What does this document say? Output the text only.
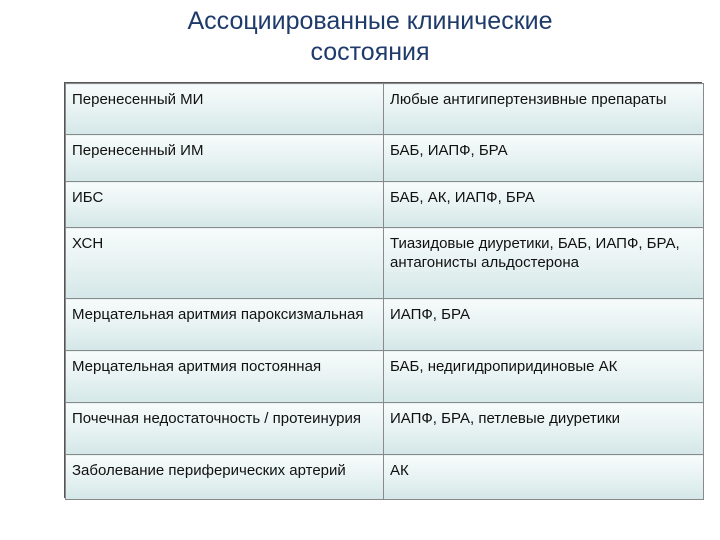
Ассоциированные клинические
состояния
Перенесенный МИ	Любые антигипертензивные препараты
Перенесенный ИМ	БАБ, ИАПФ, БРА
ИБС	БАБ, АК, ИАПФ, БРА
ХСН	Тиазидовые диуретики, БАБ, ИАПФ, БРА, антагонисты альдостерона
Мерцательная аритмия пароксизмальная	ИАПФ, БРА
Мерцательная аритмия постоянная	БАБ, недигидропиридиновые АК
Почечная недостаточность / протеинурия	ИАПФ, БРА, петлевые диуретики
Заболевание периферических артерий	АК
